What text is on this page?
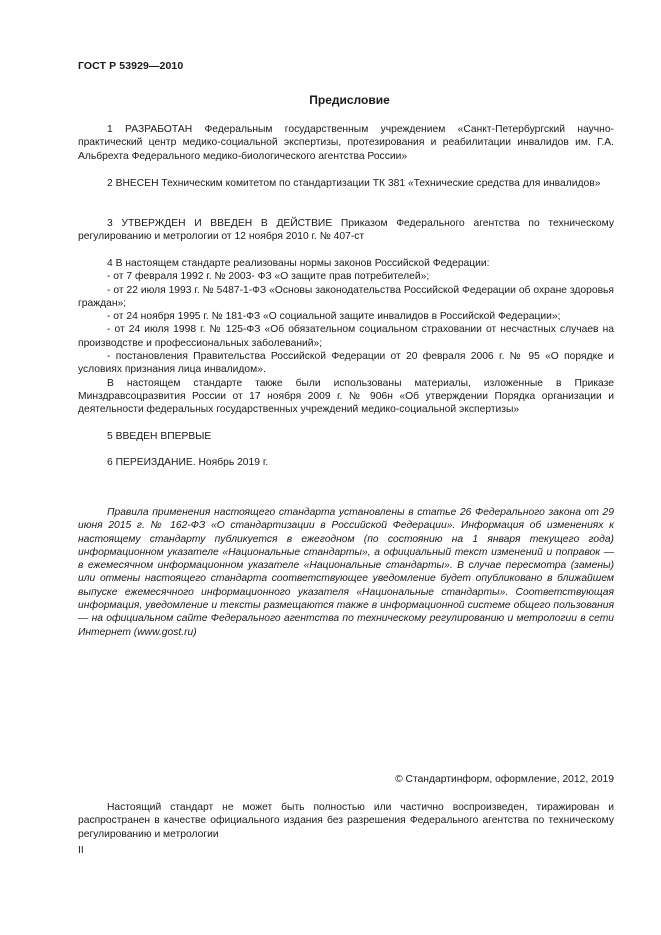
ГОСТ Р 53929—2010
Предисловие

1 РАЗРАБОТАН Федеральным государственным учреждением «Санкт-Петербургский научно-практический центр медико-социальной экспертизы, протезирования и реабилитации инвалидов им. Г.А. Альбрехта Федерального медико-биологического агентства России»

2 ВНЕСЕН Техническим комитетом по стандартизации ТК 381 «Технические средства для инвалидов»

3 УТВЕРЖДЕН И ВВЕДЕН В ДЕЙСТВИЕ Приказом Федерального агентства по техническому регулированию и метрологии от 12 ноября 2010 г. № 407-ст

4 В настоящем стандарте реализованы нормы законов Российской Федерации:

- от 7 февраля 1992 г. № 2003- ФЗ «О защите прав потребителей»;

- от 22 июля 1993 г. № 5487-1-ФЗ «Основы законодательства Российской Федерации об охране здоровья граждан»;

- от 24 ноября 1995 г. № 181-ФЗ «О социальной защите инвалидов в Российской Федерации»;

- от 24 июля 1998 г. № 125-ФЗ «Об обязательном социальном страховании от несчастных случаев на производстве и профессиональных заболеваний»;

- постановления Правительства Российской Федерации от 20 февраля 2006 г. № 95 «О порядке и условиях признания лица инвалидом».

В настоящем стандарте также были использованы материалы, изложенные в Приказе Минздравсоцразвития России от 17 ноября 2009 г. № 906н «Об утверждении Порядка организации и деятельности федеральных государственных учреждений медико-социальной экспертизы»

5 ВВЕДЕН ВПЕРВЫЕ

6 ПЕРЕИЗДАНИЕ. Ноябрь 2019 г.

Правила применения настоящего стандарта установлены в статье 26 Федерального закона от 29 июня 2015 г. № 162-ФЗ «О стандартизации в Российской Федерации». Информация об изменениях к настоящему стандарту публикуется в ежегодном (по состоянию на 1 января текущего года) информационном указателе «Национальные стандарты», а официальный текст изменений и поправок — в ежемесячном информационном указателе «Национальные стандарты». В случае пересмотра (замены) или отмены настоящего стандарта соответствующее уведомление будет опубликовано в ближайшем выпуске ежемесячного информационного указателя «Национальные стандарты». Соответствующая информация, уведомление и тексты размещаются также в информационной системе общего пользования — на официальном сайте Федерального агентства по техническому регулированию и метрологии в сети Интернет (www.gost.ru)

© Стандартинформ, оформление, 2012, 2019

Настоящий стандарт не может быть полностью или частично воспроизведен, тиражирован и распространен в качестве официального издания без разрешения Федерального агентства по техническому регулированию и метрологии

II
